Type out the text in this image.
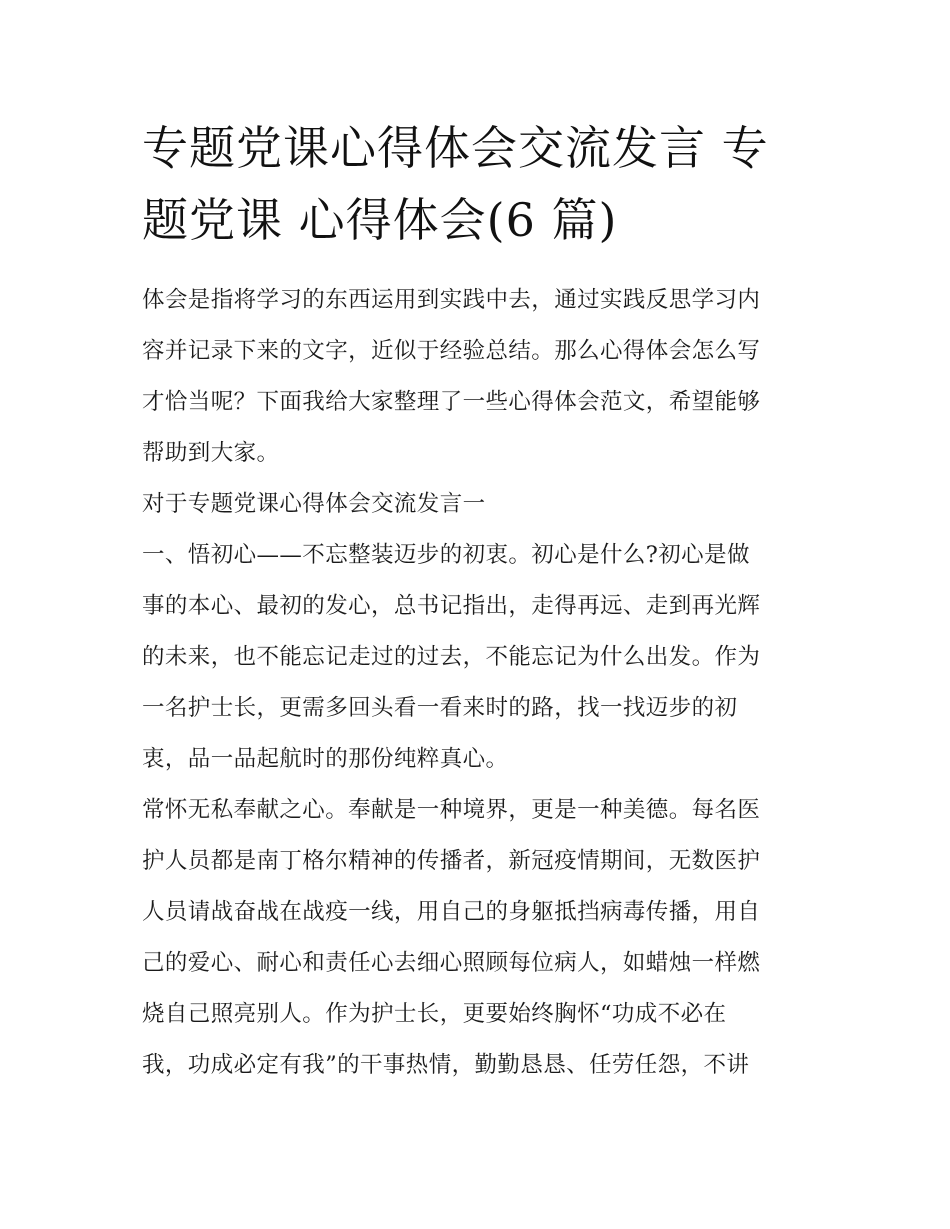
专题党课心得体会交流发言 专
题党课 心得体会(6 篇)
体会是指将学习的东西运用到实践中去，通过实践反思学习内
容并记录下来的文字，近似于经验总结。那么心得体会怎么写
才恰当呢？下面我给大家整理了一些心得体会范文，希望能够
帮助到大家。
对于专题党课心得体会交流发言一
一、悟初心——不忘整装迈步的初衷。初心是什么?初心是做
事的本心、最初的发心，总书记指出，走得再远、走到再光辉
的未来，也不能忘记走过的过去，不能忘记为什么出发。作为
一名护士长，更需多回头看一看来时的路，找一找迈步的初
衷，品一品起航时的那份纯粹真心。
常怀无私奉献之心。奉献是一种境界，更是一种美德。每名医
护人员都是南丁格尔精神的传播者，新冠疫情期间，无数医护
人员请战奋战在战疫一线，用自己的身躯抵挡病毒传播，用自
己的爱心、耐心和责任心去细心照顾每位病人，如蜡烛一样燃
烧自己照亮别人。作为护士长，更要始终胸怀“功成不必在
我，功成必定有我”的干事热情，勤勤恳恳、任劳任怨，不讲
